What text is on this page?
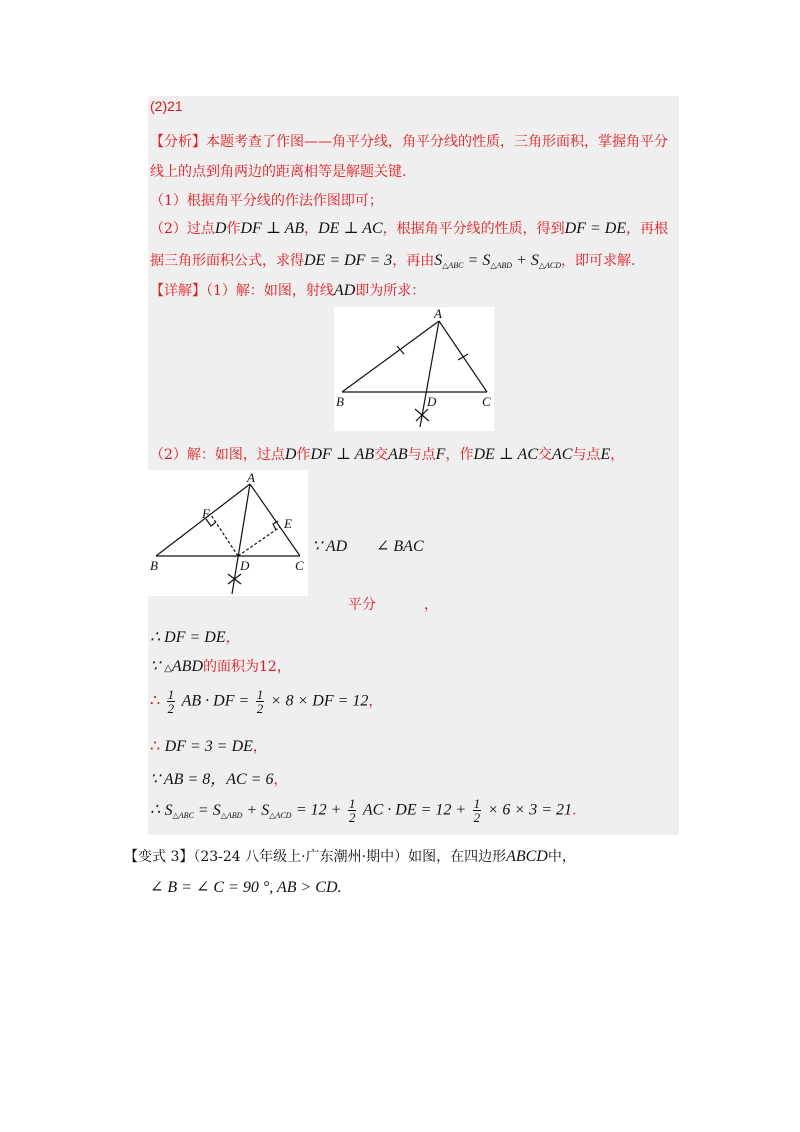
(2)21
【分析】本题考查了作图——角平分线，角平分线的性质，三角形面积，掌握角平分
线上的点到角两边的距离相等是解题关键.
（1）根据角平分线的作法作图即可；
（2）过点D作DF ⊥ AB，DE ⊥ AC，根据角平分线的性质，得到DF = DE，再根
据三角形面积公式，求得DE = DF = 3，再由$S_{\triangle ABC} = S_{\triangle ABD} + S_{\triangle ACD}$，即可求解.
【详解】（1）解：如图，射线AD即为所求：
A
B	C
D
（2）解：如图，过点D作DF ⊥ AB交AB与点F，作DE ⊥ AC交AC与点E，
A
B	C
D
E
F
∵ AD ∠ BAC
平分	，
∴ DF = DE，
∵ △ABD的面积为12，
∴ $\frac{1}{2}$ AB · DF = $\frac{1}{2} \times 8$ × DF = 12，
∴ DF = 3 = DE，
∵ AB = 8，AC = 6，
∴ $S_{\triangle ABC} = S_{\triangle ABD} + S_{\triangle ACD} = 12 + \frac{1}{2}$ AC · DE = $12 + \frac{1}{2} \times 6 \times 3 = 21$.
【变式 3】（23-24 八年级上·广东潮州·期中）如图，在四边形ABCD中，
∠ B = ∠ C = 90 °, AB > CD.
